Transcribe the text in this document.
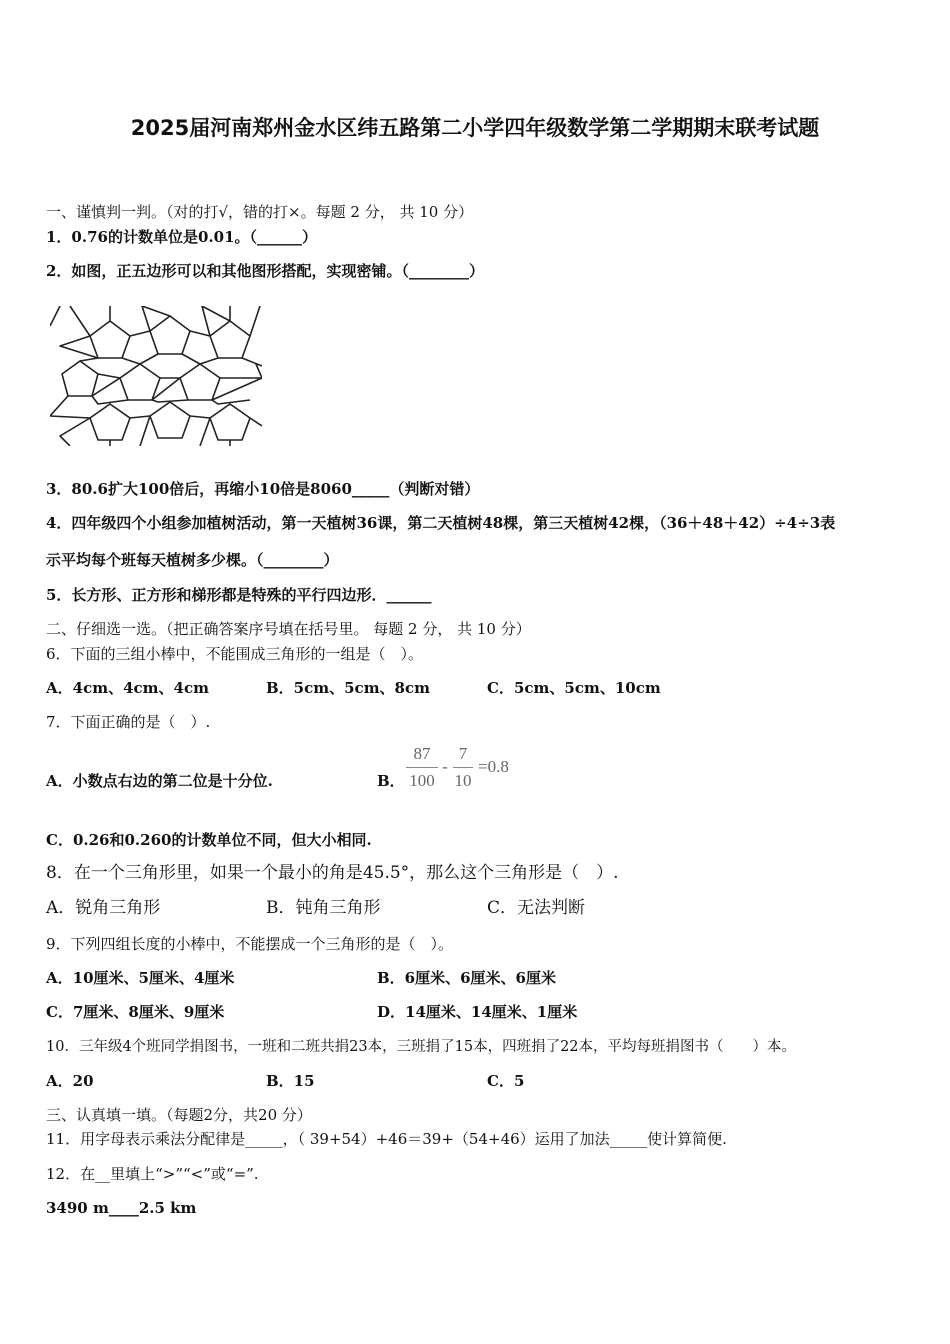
2025届河南郑州金水区纬五路第二小学四年级数学第二学期期末联考试题
一、谨慎判一判。（对的打√，错的打×。每题 2 分， 共 10 分）
1．0.76的计数单位是0.01。（______）
2．如图，正五边形可以和其他图形搭配，实现密铺。（________）
3．80.6扩大100倍后，再缩小10倍是8060_____（判断对错）
4．四年级四个小组参加植树活动，第一天植树36课，第二天植树48棵，第三天植树42棵，（36＋48＋42）÷4÷3表
示平均每个班每天植树多少棵。（________）
5．长方形、正方形和梯形都是特殊的平行四边形．______
二、仔细选一选。（把正确答案序号填在括号里。 每题 2 分， 共 10 分）
6．下面的三组小棒中，不能围成三角形的一组是（　）。
A．4cm、4cm、4cm	B．5cm、5cm、8cm	C．5cm、5cm、10cm
7．下面正确的是（　）.
A．小数点右边的第二位是十分位.	B．
87
100
-
7
10
=0.8
C．0.26和0.260的计数单位不同，但大小相同.
8．在一个三角形里，如果一个最小的角是45.5°，那么这个三角形是（　）.
A．锐角三角形	B．钝角三角形	C．无法判断
9．下列四组长度的小棒中，不能摆成一个三角形的是（　）。
A．10厘米、5厘米、4厘米	B．6厘米、6厘米、6厘米
C．7厘米、8厘米、9厘米	D．14厘米、14厘米、1厘米
10．三年级4个班同学捐图书，一班和二班共捐23本，三班捐了15本，四班捐了22本，平均每班捐图书（　　）本。
A．20	B．15	C．5
三、认真填一填。（每题2分，共20 分）
11．用字母表示乘法分配律是_____，（ 39+54）+46＝39+（54+46）运用了加法_____使计算简便.
12．在__里填上“>”“<”或“=”.
3490 m____2.5 km
